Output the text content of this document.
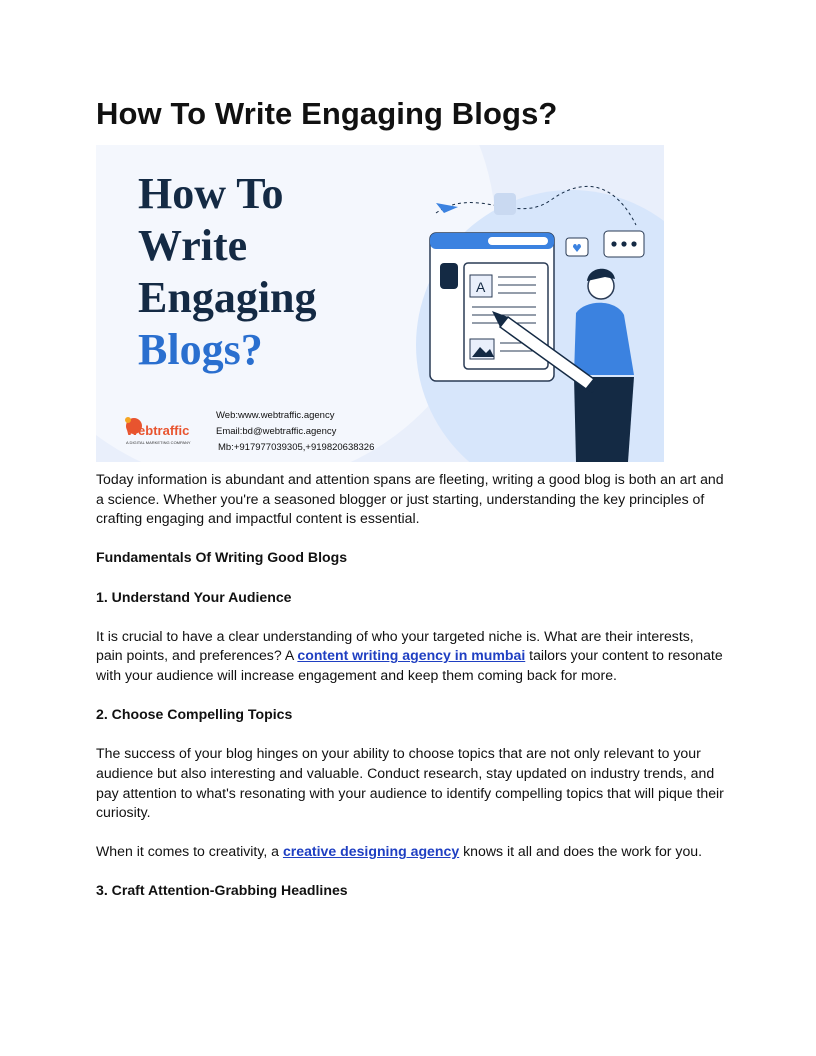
How To Write Engaging Blogs?
How To
Write
Engaging
Blogs?
Webtraffic
A DIGITAL MARKETING COMPANY
Web:www.webtraffic.agency
Email:bd@webtraffic.agency
Mb:+917977039305,+919820638326
A

Today information is abundant and attention spans are fleeting, writing a good blog is both an art and a science. Whether you're a seasoned blogger or just starting, understanding the key principles of crafting engaging and impactful content is essential.

Fundamentals Of Writing Good Blogs
1. Understand Your Audience

It is crucial to have a clear understanding of who your targeted niche is. What are their interests, pain points, and preferences? A content writing agency in mumbai tailors your content to resonate with your audience will increase engagement and keep them coming back for more.

2. Choose Compelling Topics

The success of your blog hinges on your ability to choose topics that are not only relevant to your audience but also interesting and valuable. Conduct research, stay updated on industry trends, and pay attention to what's resonating with your audience to identify compelling topics that will pique their curiosity.

When it comes to creativity, a creative designing agency knows it all and does the work for you.

3. Craft Attention-Grabbing Headlines
